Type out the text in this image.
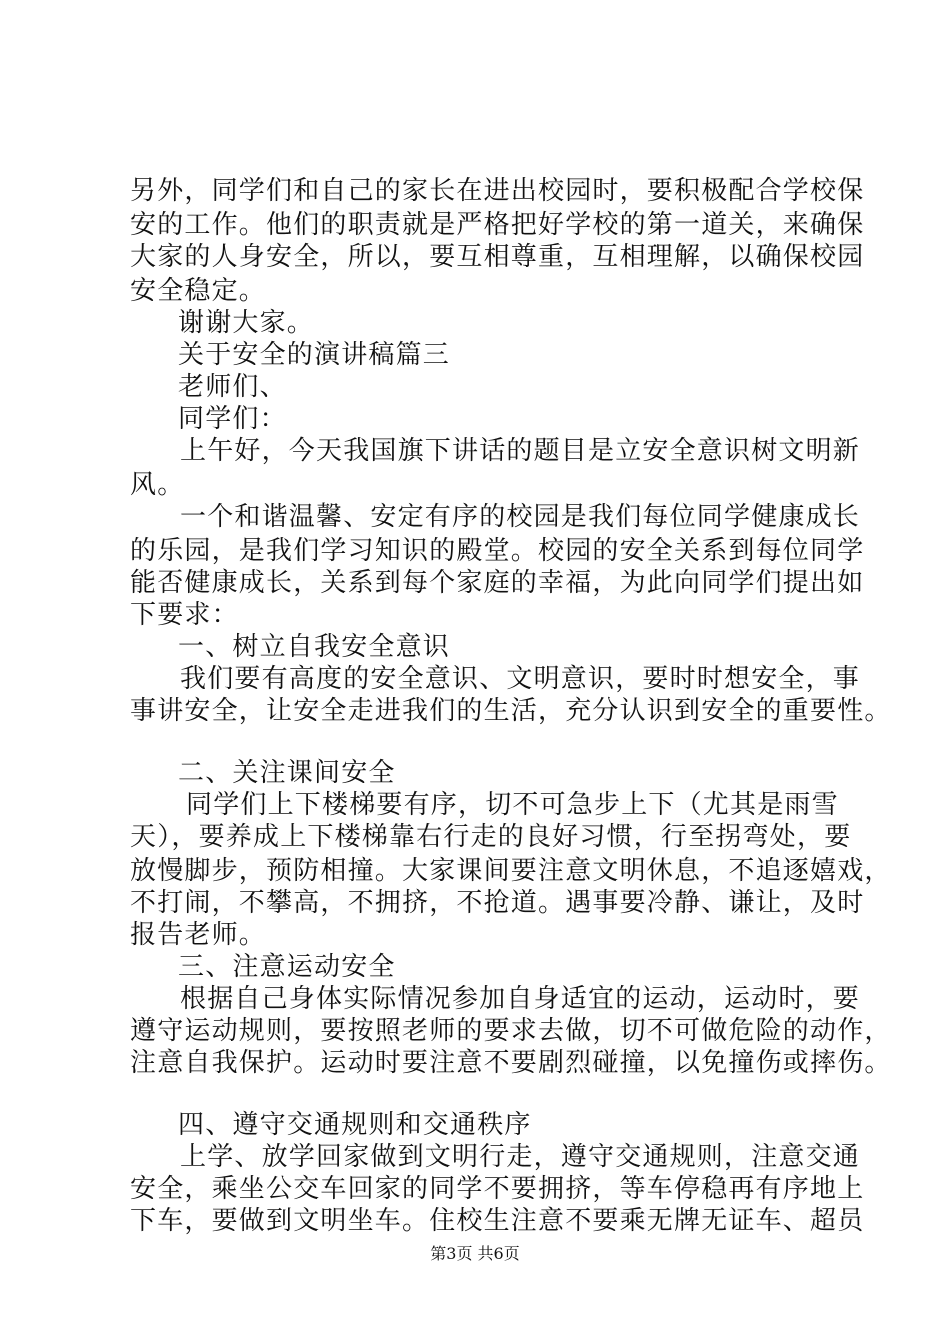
另外，同学们和自己的家长在进出校园时，要积极配合学校保
安的工作。他们的职责就是严格把好学校的第一道关，来确保
大家的人身安全，所以，要互相尊重，互相理解，以确保校园
安全稳定。
谢谢大家。
关于安全的演讲稿篇三
老师们、
同学们：
上午好，今天我国旗下讲话的题目是立安全意识树文明新
风。
一个和谐温馨、安定有序的校园是我们每位同学健康成长
的乐园，是我们学习知识的殿堂。校园的安全关系到每位同学
能否健康成长，关系到每个家庭的幸福，为此向同学们提出如
下要求：
一、树立自我安全意识
我们要有高度的安全意识、文明意识，要时时想安全，事
事讲安全，让安全走进我们的生活，充分认识到安全的重要性。
二、关注课间安全
同学们上下楼梯要有序，切不可急步上下（尤其是雨雪
天），要养成上下楼梯靠右行走的良好习惯，行至拐弯处，要
放慢脚步，预防相撞。大家课间要注意文明休息，不追逐嬉戏，
不打闹，不攀高，不拥挤，不抢道。遇事要冷静、谦让，及时
报告老师。
三、注意运动安全
根据自己身体实际情况参加自身适宜的运动，运动时，要
遵守运动规则，要按照老师的要求去做，切不可做危险的动作，
注意自我保护。运动时要注意不要剧烈碰撞，以免撞伤或摔伤。
四、遵守交通规则和交通秩序
上学、放学回家做到文明行走，遵守交通规则，注意交通
安全，乘坐公交车回家的同学不要拥挤，等车停稳再有序地上
下车，要做到文明坐车。住校生注意不要乘无牌无证车、超员
第3页 共6页
